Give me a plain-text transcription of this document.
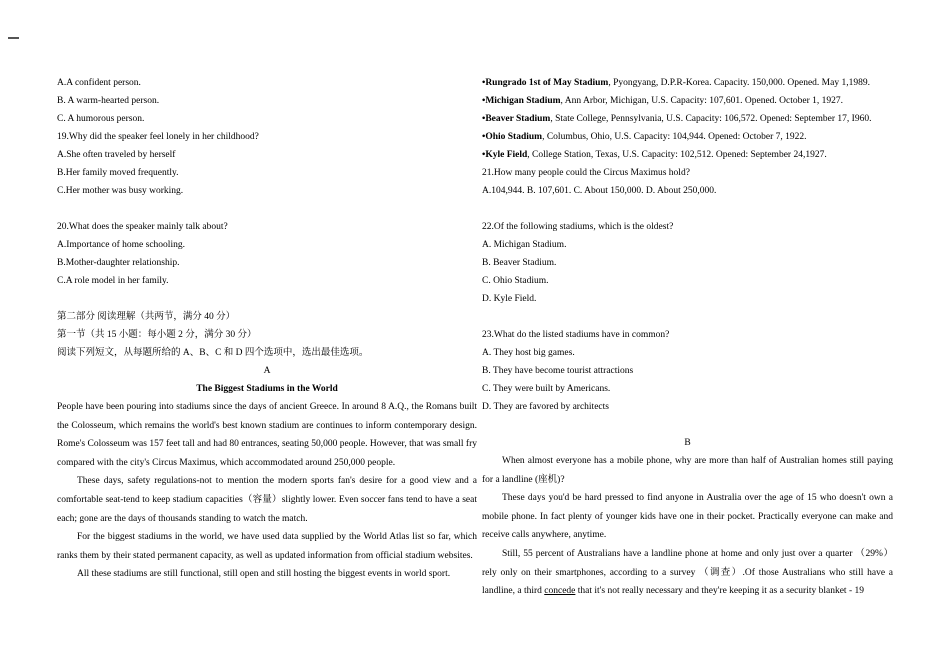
A.A confident person.
B. A warm-hearted person.
C. A humorous person.
19.Why did the speaker feel lonely in her childhood?
A.She often traveled by herself
B.Her family moved frequently.
C.Her mother was busy working.
20.What does the speaker mainly talk about?
A.Importance of home schooling.
B.Mother-daughter relationship.
C.A role model in her family.
第二部分 阅读理解（共两节，满分 40 分）
第一节（共 15 小题：每小题 2 分，满分 30 分）
阅读下列短文，从每题所给的 A、B、C 和 D 四个选项中，选出最佳选项。
A
The Biggest Stadiums in the World
People have been pouring into stadiums since the days of ancient Greece. In around 8 A.Q., the Romans built the Colosseum, which remains the world's best known stadium are continues to inform contemporary design. Rome's Colosseum was 157 feet tall and had 80 entrances, seating 50,000 people. However, that was small fry compared with the city's Circus Maximus, which accommodated around 250,000 people.
These days, safety regulations-not to mention the modern sports fan's desire for a good view and a comfortable seat-tend to keep stadium capacities（容量）slightly lower. Even soccer fans tend to have a seat each; gone are the days of thousands standing to watch the match.
For the biggest stadiums in the world, we have used data supplied by the World Atlas list so far, which ranks them by their stated permanent capacity, as well as updated information from official stadium websites.
All these stadiums are still functional, still open and still hosting the biggest events in world sport.
•Rungrado 1st of May Stadium, Pyongyang, D.P.R-Korea. Capacity. 150,000. Opened. May 1,1989.
•Michigan Stadium, Ann Arbor, Michigan, U.S. Capacity: 107,601. Opened. October 1, 1927.
•Beaver Stadium, State College, Pennsylvania, U.S. Capacity: 106,572. Opened: September 17, I960.
•Ohio Stadium, Columbus, Ohio, U.S. Capacity: 104,944. Opened: October 7, 1922.
•Kyle Field, College Station, Texas, U.S. Capacity: 102,512. Opened: September 24,1927.
21.How many people could the Circus Maximus hold?
A.104,944. B. 107,601. C. About 150,000. D. About 250,000.
22.Of the following stadiums, which is the oldest?
A. Michigan Stadium.
B. Beaver Stadium.
C. Ohio Stadium.
D. Kyle Field.
23.What do the listed stadiums have in common?
A. They host big games.
B. They have become tourist attractions
C. They were built by Americans.
D. They are favored by architects
B
When almost everyone has a mobile phone, why are more than half of Australian homes still paying for a landline (座机)?
These days you'd be hard pressed to find anyone in Australia over the age of 15 who doesn't own a mobile phone. In fact plenty of younger kids have one in their pocket. Practically everyone can make and receive calls anywhere, anytime.
Still, 55 percent of Australians have a landline phone at home and only just over a quarter （29%） rely only on their smartphones, according to a survey （调查）.Of those Australians who still have a landline, a third concede that it's not really necessary and they're keeping it as a security blanket - 19
